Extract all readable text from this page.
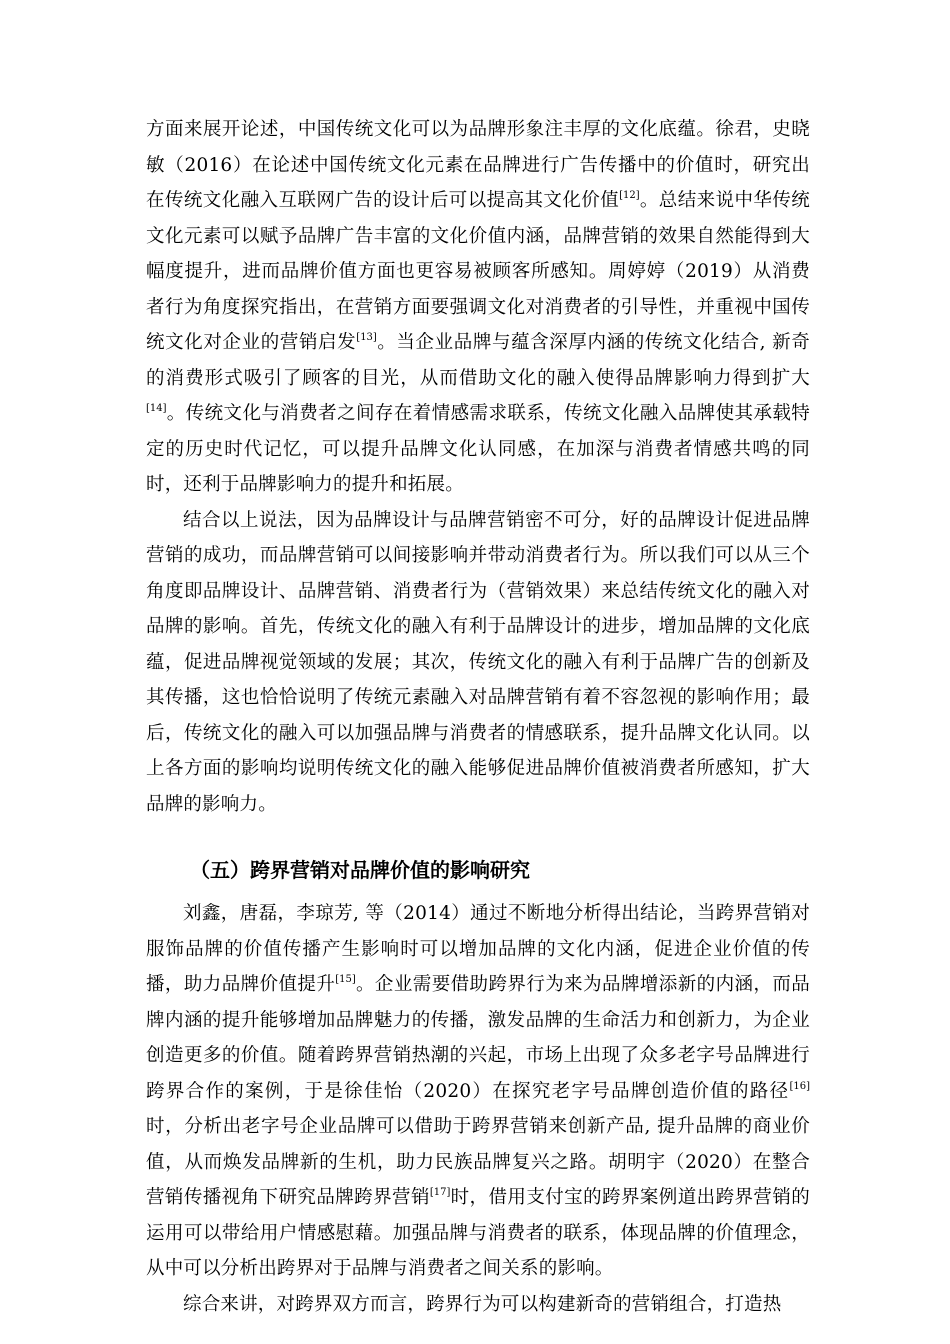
方面来展开论述，中国传统文化可以为品牌形象注丰厚的文化底蕴。徐君，史晓敏（2016）在论述中国传统文化元素在品牌进行广告传播中的价值时，研究出在传统文化融入互联网广告的设计后可以提高其文化价值[12]。总结来说中华传统文化元素可以赋予品牌广告丰富的文化价值内涵，品牌营销的效果自然能得到大幅度提升，进而品牌价值方面也更容易被顾客所感知。周婷婷（2019）从消费者行为角度探究指出，在营销方面要强调文化对消费者的引导性，并重视中国传统文化对企业的营销启发[13]。当企业品牌与蕴含深厚内涵的传统文化结合, 新奇的消费形式吸引了顾客的目光，从而借助文化的融入使得品牌影响力得到扩大[14]。传统文化与消费者之间存在着情感需求联系，传统文化融入品牌使其承载特定的历史时代记忆，可以提升品牌文化认同感，在加深与消费者情感共鸣的同时，还利于品牌影响力的提升和拓展。

结合以上说法，因为品牌设计与品牌营销密不可分，好的品牌设计促进品牌营销的成功，而品牌营销可以间接影响并带动消费者行为。所以我们可以从三个角度即品牌设计、品牌营销、消费者行为（营销效果）来总结传统文化的融入对品牌的影响。首先，传统文化的融入有利于品牌设计的进步，增加品牌的文化底蕴，促进品牌视觉领域的发展；其次，传统文化的融入有利于品牌广告的创新及其传播，这也恰恰说明了传统元素融入对品牌营销有着不容忽视的影响作用；最后，传统文化的融入可以加强品牌与消费者的情感联系，提升品牌文化认同。以上各方面的影响均说明传统文化的融入能够促进品牌价值被消费者所感知，扩大品牌的影响力。

（五）跨界营销对品牌价值的影响研究

刘鑫，唐磊，李琼芳, 等（2014）通过不断地分析得出结论，当跨界营销对服饰品牌的价值传播产生影响时可以增加品牌的文化内涵，促进企业价值的传播，助力品牌价值提升[15]。企业需要借助跨界行为来为品牌增添新的内涵，而品牌内涵的提升能够增加品牌魅力的传播，激发品牌的生命活力和创新力，为企业创造更多的价值。随着跨界营销热潮的兴起，市场上出现了众多老字号品牌进行跨界合作的案例，于是徐佳怡（2020）在探究老字号品牌创造价值的路径[16]时，分析出老字号企业品牌可以借助于跨界营销来创新产品, 提升品牌的商业价值，从而焕发品牌新的生机，助力民族品牌复兴之路。胡明宇（2020）在整合营销传播视角下研究品牌跨界营销[17]时，借用支付宝的跨界案例道出跨界营销的运用可以带给用户情感慰藉。加强品牌与消费者的联系，体现品牌的价值理念，从中可以分析出跨界对于品牌与消费者之间关系的影响。

综合来讲，对跨界双方而言，跨界行为可以构建新奇的营销组合，打造热
